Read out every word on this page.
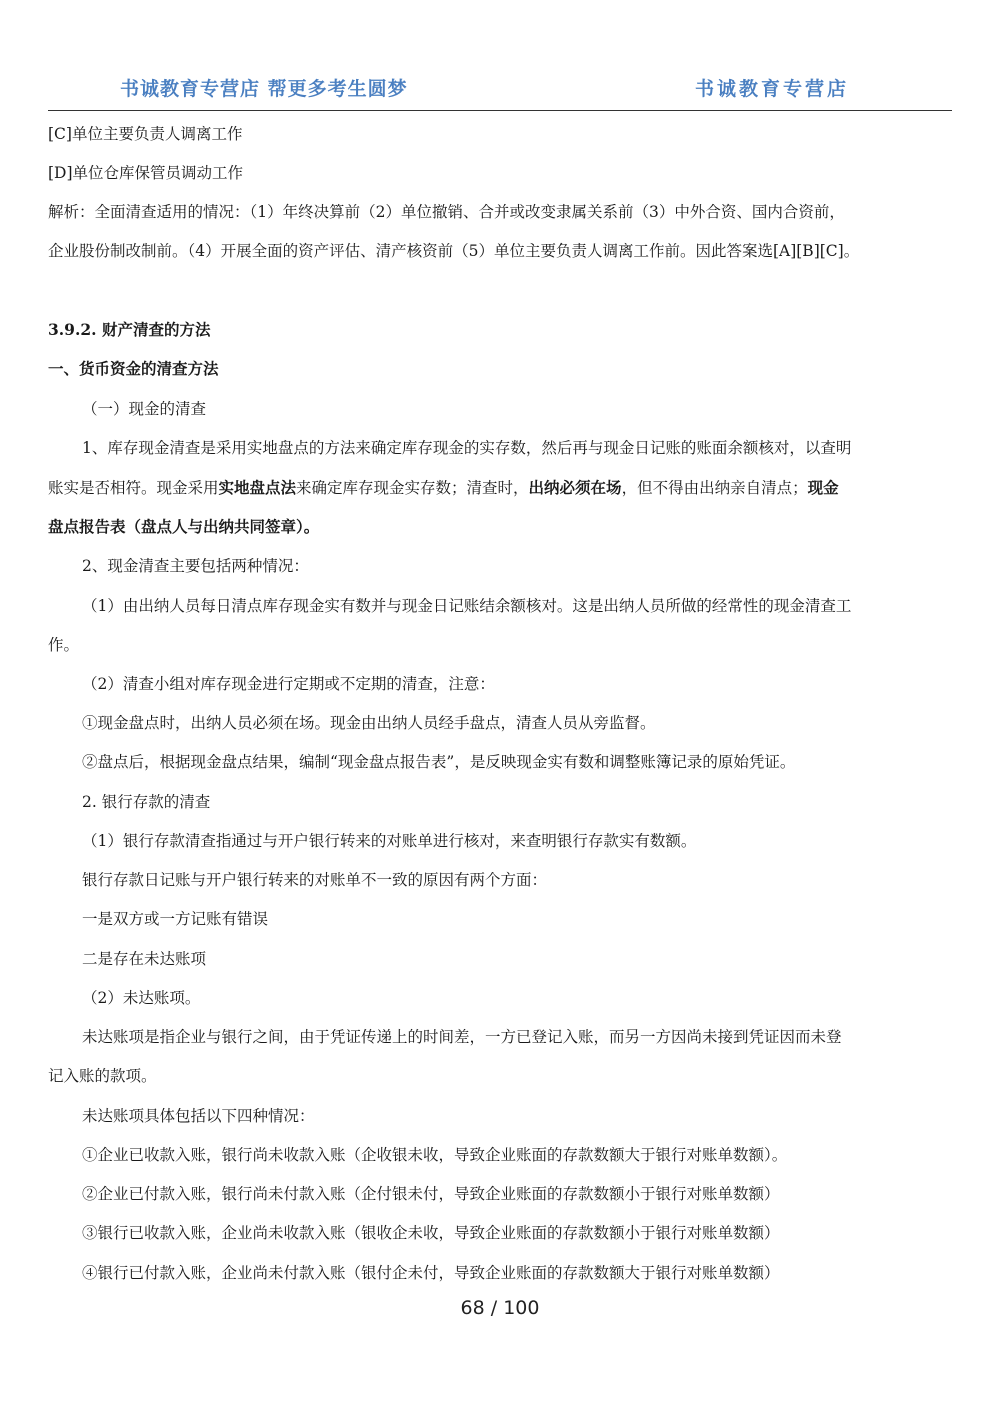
书诚教育专营店 帮更多考生圆梦	书诚教育专营店
[C]单位主要负责人调离工作
[D]单位仓库保管员调动工作
解析：全面清查适用的情况：（1）年终决算前（2）单位撤销、合并或改变隶属关系前（3）中外合资、国内合资前，
企业股份制改制前。（4）开展全面的资产评估、清产核资前（5）单位主要负责人调离工作前。因此答案选[A][B][C]。
3.9.2. 财产清查的方法
一、货币资金的清查方法
（一）现金的清查
1、库存现金清查是采用实地盘点的方法来确定库存现金的实存数，然后再与现金日记账的账面余额核对，以查明
账实是否相符。现金采用实地盘点法来确定库存现金实存数；清查时，出纳必须在场，但不得由出纳亲自清点；现金
盘点报告表（盘点人与出纳共同签章）。
2、现金清查主要包括两种情况：
（1）由出纳人员每日清点库存现金实有数并与现金日记账结余额核对。这是出纳人员所做的经常性的现金清查工
作。
（2）清查小组对库存现金进行定期或不定期的清查，注意：
①现金盘点时，出纳人员必须在场。现金由出纳人员经手盘点，清查人员从旁监督。
②盘点后，根据现金盘点结果，编制“现金盘点报告表”，是反映现金实有数和调整账簿记录的原始凭证。
2. 银行存款的清查
（1）银行存款清查指通过与开户银行转来的对账单进行核对，来查明银行存款实有数额。
银行存款日记账与开户银行转来的对账单不一致的原因有两个方面：
一是双方或一方记账有错误
二是存在未达账项
（2）未达账项。
未达账项是指企业与银行之间，由于凭证传递上的时间差，一方已登记入账，而另一方因尚未接到凭证因而未登
记入账的款项。
未达账项具体包括以下四种情况：
①企业已收款入账，银行尚未收款入账（企收银未收，导致企业账面的存款数额大于银行对账单数额）。
②企业已付款入账，银行尚未付款入账（企付银未付，导致企业账面的存款数额小于银行对账单数额）
③银行已收款入账，企业尚未收款入账（银收企未收，导致企业账面的存款数额小于银行对账单数额）
④银行已付款入账，企业尚未付款入账（银付企未付，导致企业账面的存款数额大于银行对账单数额）
68 / 100
